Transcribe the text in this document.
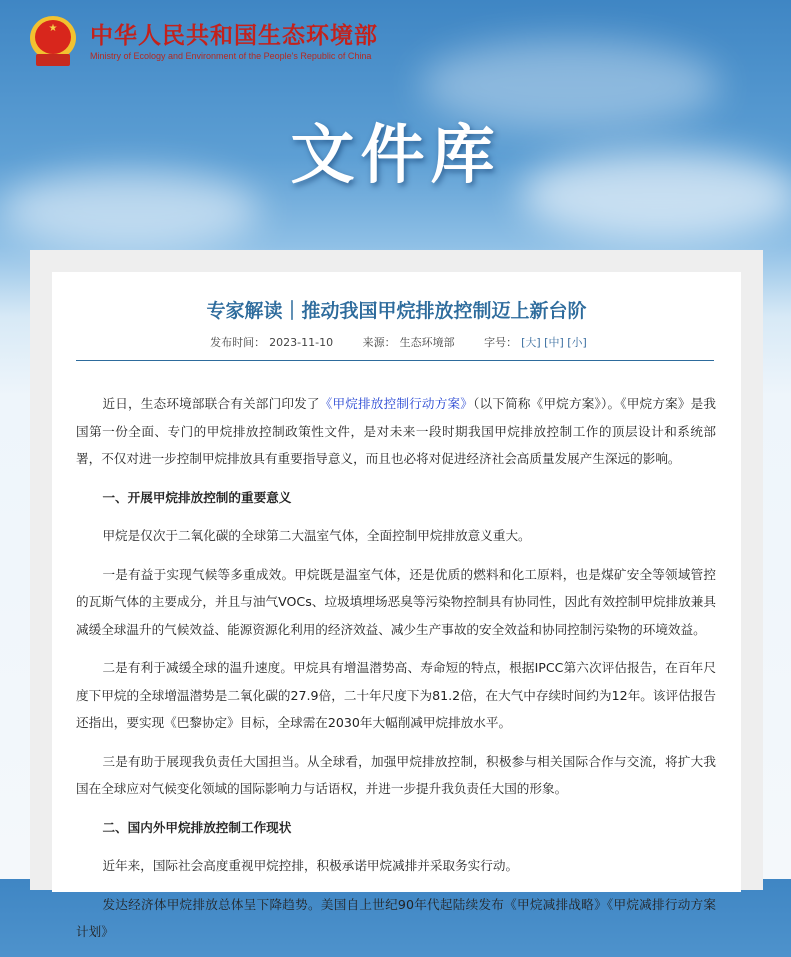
★	中华人民共和国生态环境部
Ministry of Ecology and Environment of the People's Republic of China
文件库
专家解读｜推动我国甲烷排放控制迈上新台阶
发布时间： 2023-11-10	来源： 生态环境部	字号： [大] [中] [小]

近日，生态环境部联合有关部门印发了《甲烷排放控制行动方案》（以下简称《甲烷方案》）。《甲烷方案》是我国第一份全面、专门的甲烷排放控制政策性文件，是对未来一段时期我国甲烷排放控制工作的顶层设计和系统部署，不仅对进一步控制甲烷排放具有重要指导意义，而且也必将对促进经济社会高质量发展产生深远的影响。

一、开展甲烷排放控制的重要意义

甲烷是仅次于二氧化碳的全球第二大温室气体，全面控制甲烷排放意义重大。

一是有益于实现气候等多重成效。甲烷既是温室气体，还是优质的燃料和化工原料，也是煤矿安全等领域管控的瓦斯气体的主要成分，并且与油气VOCs、垃圾填埋场恶臭等污染物控制具有协同性，因此有效控制甲烷排放兼具减缓全球温升的气候效益、能源资源化利用的经济效益、减少生产事故的安全效益和协同控制污染物的环境效益。

二是有利于减缓全球的温升速度。甲烷具有增温潜势高、寿命短的特点，根据IPCC第六次评估报告，在百年尺度下甲烷的全球增温潜势是二氧化碳的27.9倍，二十年尺度下为81.2倍，在大气中存续时间约为12年。该评估报告还指出，要实现《巴黎协定》目标，全球需在2030年大幅削减甲烷排放水平。

三是有助于展现我负责任大国担当。从全球看，加强甲烷排放控制，积极参与相关国际合作与交流，将扩大我国在全球应对气候变化领域的国际影响力与话语权，并进一步提升我负责任大国的形象。

二、国内外甲烷排放控制工作现状

近年来，国际社会高度重视甲烷控排，积极承诺甲烷减排并采取务实行动。

发达经济体甲烷排放总体呈下降趋势。美国自上世纪90年代起陆续发布《甲烷减排战略》《甲烷减排行动方案计划》
